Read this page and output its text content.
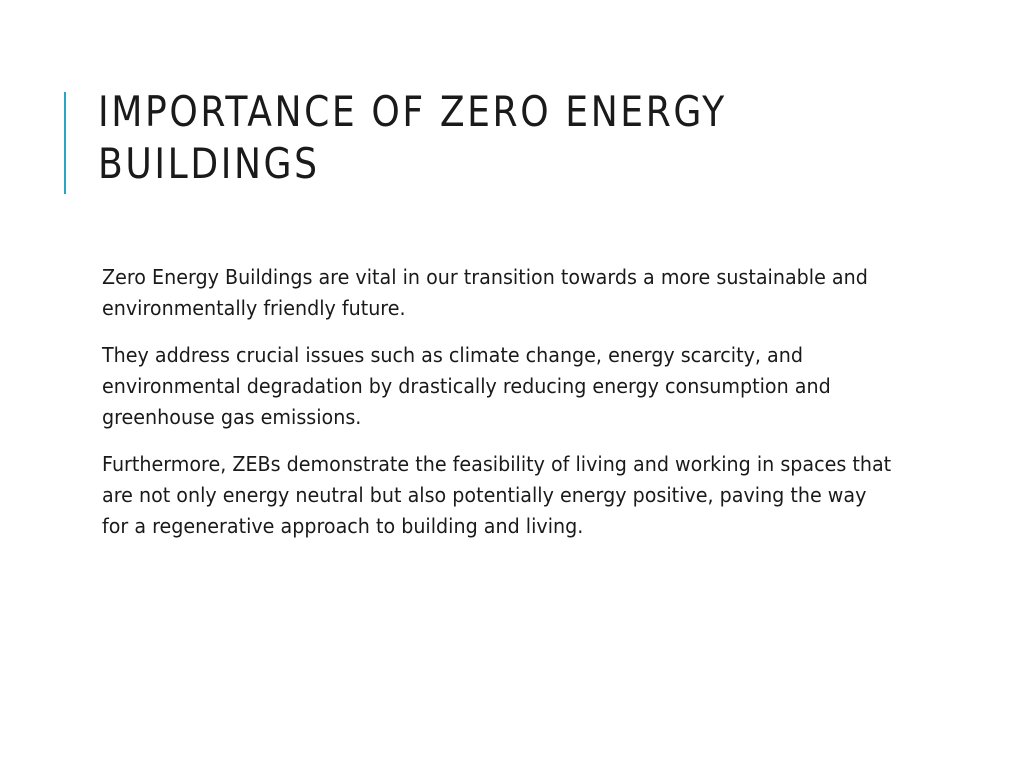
IMPORTANCE OF ZERO ENERGY BUILDINGS

Zero Energy Buildings are vital in our transition towards a more sustainable and environmentally friendly future.

They address crucial issues such as climate change, energy scarcity, and environmental degradation by drastically reducing energy consumption and greenhouse gas emissions.

Furthermore, ZEBs demonstrate the feasibility of living and working in spaces that are not only energy neutral but also potentially energy positive, paving the way for a regenerative approach to building and living.
